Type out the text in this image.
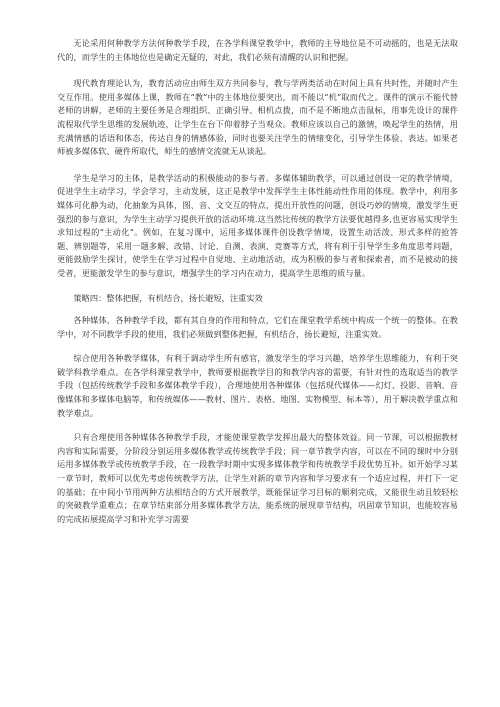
无论采用何种教学方法何种教学手段，在各学科课堂教学中，教师的主导地位是不可动摇的，也是无法取代的，而学生的主体地位也是确定无疑的，对此，我们必须有清醒的认识和把握。

现代教育理论认为，教育活动应由师生双方共同参与，教与学两类活动在时间上具有共时性，并随时产生交互作用。使用多媒体上课，教师在“教”中的主体地位要突出，而不能以“机”取而代之。课件的演示不能代替老师的讲解，老师的主要任务是合理组织、正确引导、相机点拨，而不是不断地点击鼠标，用事先设计的课件流程取代学生思维的发展轨迹，让学生在台下仰着脖子当观众。教师应该以自己的激情，唤起学生的热情，用充满情感的话语和体态，传达自身的情感体验，同时也要关注学生的情绪变化，引导学生体验、表达。如果老师被多媒体软、硬件所取代，师生的感情交流就无从谈起。

学生是学习的主体，是教学活动的积极能动的参与者。多媒体辅助教学，可以通过创设一定的教学情境，促进学生主动学习，学会学习，主动发展，这正是教学中发挥学生主体性能动性作用的体现。教学中，利用多媒体可化静为动，化抽象为具体，图、音、文交互的特点，提出开放性的问题，创设巧妙的情境，激发学生更强烈的参与意识，为学生主动学习提供开放的活动环境.这当然比传统的教学方法要优越得多,也更容易实现学生求知过程的“主动化”。例如，在复习课中，运用多媒体课件创设教学情境，设置生动活泼、形式多样的抢答题、辨别题等，采用一题多解、改错、讨论、自测、表演、竞赛等方式，将有利于引导学生多角度思考问题，更能鼓励学生探讨，使学生在学习过程中自觉地、主动地活动，成为积极的参与者和探索者，而不是被动的接受者，更能激发学生的参与意识，增强学生的学习内在动力，提高学生思维的质与量。

策略四：整体把握，有机结合，扬长避短，注重实效

各种媒体，各种教学手段，都有其自身的作用和特点，它们在课堂教学系统中构成一个统一的整体。在教学中，对不同教学手段的使用，我们必须做到整体把握，有机结合，扬长避短，注重实效。

综合使用各种教学媒体，有利于调动学生所有感官，激发学生的学习兴趣，培养学生思维能力，有利于突破学科教学难点。在各学科课堂教学中，教师要根据教学目的和教学内容的需要，有针对性的选取适当的教学手段（包括传统教学手段和多媒体教学手段），合理地使用各种媒体（包括现代媒体——幻灯、投影、音响、音像媒体和多媒体电脑等，和传统媒体——教材、图片、表格、地图、实物模型、标本等），用于解决教学重点和教学难点。

只有合理使用各种媒体各种教学手段，才能使课堂教学发挥出最大的整体效益。同一节课，可以根据教材内容和实际需要，分阶段分别运用多媒体教学或传统教学手段；同一章节教学内容，可以在不同的课时中分别运用多媒体教学或传统教学手段，在一段教学时期中实现多媒体教学和传统教学手段优势互补。如开始学习某一章节时，教师可以优先考虑传统教学方法，让学生对新的章节内容和学习要求有一个适应过程，并打下一定的基础；在中间小节用两种方法相结合的方式开展教学，既能保证学习目标的顺利完成，又能很生动且较轻松的突破教学重难点；在章节结束部分用多媒体教学方法，能系统的展现章节结构，巩固章节知识，也能较容易的完成拓展提高学习和补充学习需要
